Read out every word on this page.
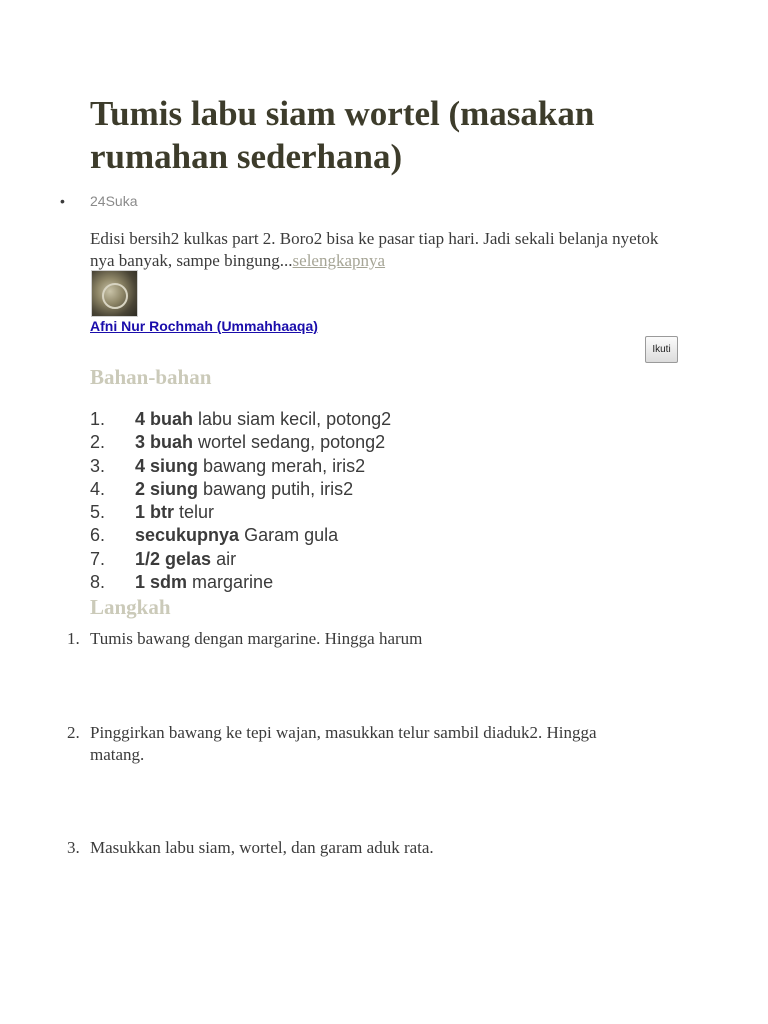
Tumis labu siam wortel (masakan rumahan sederhana)
• 24Suka

Edisi bersih2 kulkas part 2. Boro2 bisa ke pasar tiap hari. Jadi sekali belanja nyetok nya banyak, sampe bingung...selengkapnya

Afni Nur Rochmah (Ummahhaaqa)
Ikuti
Bahan-bahan
1. 4 buah labu siam kecil, potong2
2. 3 buah wortel sedang, potong2
3. 4 siung bawang merah, iris2
4. 2 siung bawang putih, iris2
5. 1 btr telur
6. secukupnya Garam gula
7. 1/2 gelas air
8. 1 sdm margarine
Langkah
1. Tumis bawang dengan margarine. Hingga harum
2. Pinggirkan bawang ke tepi wajan, masukkan telur sambil diaduk2. Hingga matang.
3. Masukkan labu siam, wortel, dan garam aduk rata.
